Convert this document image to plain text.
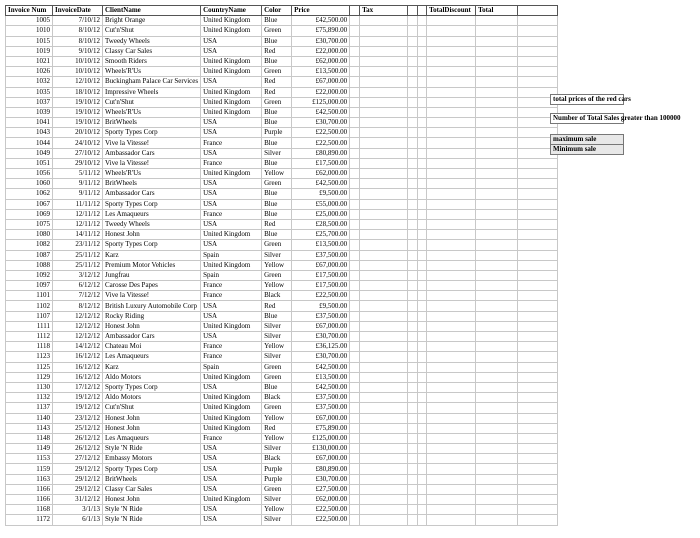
Invoice Num	InvoiceDate	ClientName	CountryName	Color	Price		Tax			TotalDiscount	Total	
1005	7/10/12	Bright Orange	United Kingdom	Blue	£42,500.00							
1010	8/10/12	Cut'n'Shut	United Kingdom	Green	£75,890.00							
1015	8/10/12	Tweedy Wheels	USA	Blue	£30,700.00							
1019	9/10/12	Classy Car Sales	USA	Red	£22,000.00							
1021	10/10/12	Smooth Riders	United Kingdom	Blue	£62,000.00							
1026	10/10/12	Wheels'R'Us	United Kingdom	Green	£13,500.00							
1032	12/10/12	Buckingham Palace Car Services	USA	Red	£67,000.00							
1035	18/10/12	Impressive Wheels	United Kingdom	Red	£22,000.00							
1037	19/10/12	Cut'n'Shut	United Kingdom	Green	£125,000.00							
1039	19/10/12	Wheels'R'Us	United Kingdom	Blue	£42,500.00							
1041	19/10/12	BritWheels	USA	Blue	£30,700.00							
1043	20/10/12	Sporty Types Corp	USA	Purple	£22,500.00							
1044	24/10/12	Vive la Vitesse!	France	Blue	£22,500.00							
1049	27/10/12	Ambassador Cars	USA	Silver	£80,890.00							
1051	29/10/12	Vive la Vitesse!	France	Blue	£17,500.00							
1056	5/11/12	Wheels'R'Us	United Kingdom	Yellow	£62,000.00							
1060	9/11/12	BritWheels	USA	Green	£42,500.00							
1062	9/11/12	Ambassador Cars	USA	Blue	£9,500.00							
1067	11/11/12	Sporty Types Corp	USA	Blue	£55,000.00							
1069	12/11/12	Les Amaqueurs	France	Blue	£25,000.00							
1075	12/11/12	Tweedy Wheels	USA	Red	£28,500.00							
1080	14/11/12	Honest John	United Kingdom	Blue	£25,700.00							
1082	23/11/12	Sporty Types Corp	USA	Green	£13,500.00							
1087	25/11/12	Karz	Spain	Silver	£37,500.00							
1088	25/11/12	Premium Motor Vehicles	United Kingdom	Yellow	£67,000.00							
1092	3/12/12	Jungfrau	Spain	Green	£17,500.00							
1097	6/12/12	Carosse Des Papes	France	Yellow	£17,500.00							
1101	7/12/12	Vive la Vitesse!	France	Black	£22,500.00							
1102	8/12/12	British Luxury Automobile Corp	USA	Red	£9,500.00							
1107	12/12/12	Rocky Riding	USA	Blue	£37,500.00							
1111	12/12/12	Honest John	United Kingdom	Silver	£67,000.00							
1112	12/12/12	Ambassador Cars	USA	Silver	£30,700.00							
1118	14/12/12	Chateau Moi	France	Yellow	£36,125.00							
1123	16/12/12	Les Amaqueurs	France	Silver	£30,700.00							
1125	16/12/12	Karz	Spain	Green	£42,500.00							
1129	16/12/12	Aldo Motors	United Kingdom	Green	£13,500.00							
1130	17/12/12	Sporty Types Corp	USA	Blue	£42,500.00							
1132	19/12/12	Aldo Motors	United Kingdom	Black	£37,500.00							
1137	19/12/12	Cut'n'Shut	United Kingdom	Green	£37,500.00							
1140	23/12/12	Honest John	United Kingdom	Yellow	£67,000.00							
1143	25/12/12	Honest John	United Kingdom	Red	£75,890.00							
1148	26/12/12	Les Amaqueurs	France	Yellow	£125,000.00							
1149	26/12/12	Style 'N Ride	USA	Silver	£130,000.00							
1153	27/12/12	Embassy Motors	USA	Black	£67,000.00							
1159	29/12/12	Sporty Types Corp	USA	Purple	£80,890.00							
1163	29/12/12	BritWheels	USA	Purple	£30,700.00							
1166	29/12/12	Classy Car Sales	USA	Green	£27,500.00							
1166	31/12/12	Honest John	United Kingdom	Silver	£62,000.00							
1168	3/1/13	Style 'N Ride	USA	Yellow	£22,500.00							
1172	6/1/13	Style 'N Ride	USA	Silver	£22,500.00							
total prices of the red cars
Number of Total Sales greater than 100000
maximum sale
Minimum sale
